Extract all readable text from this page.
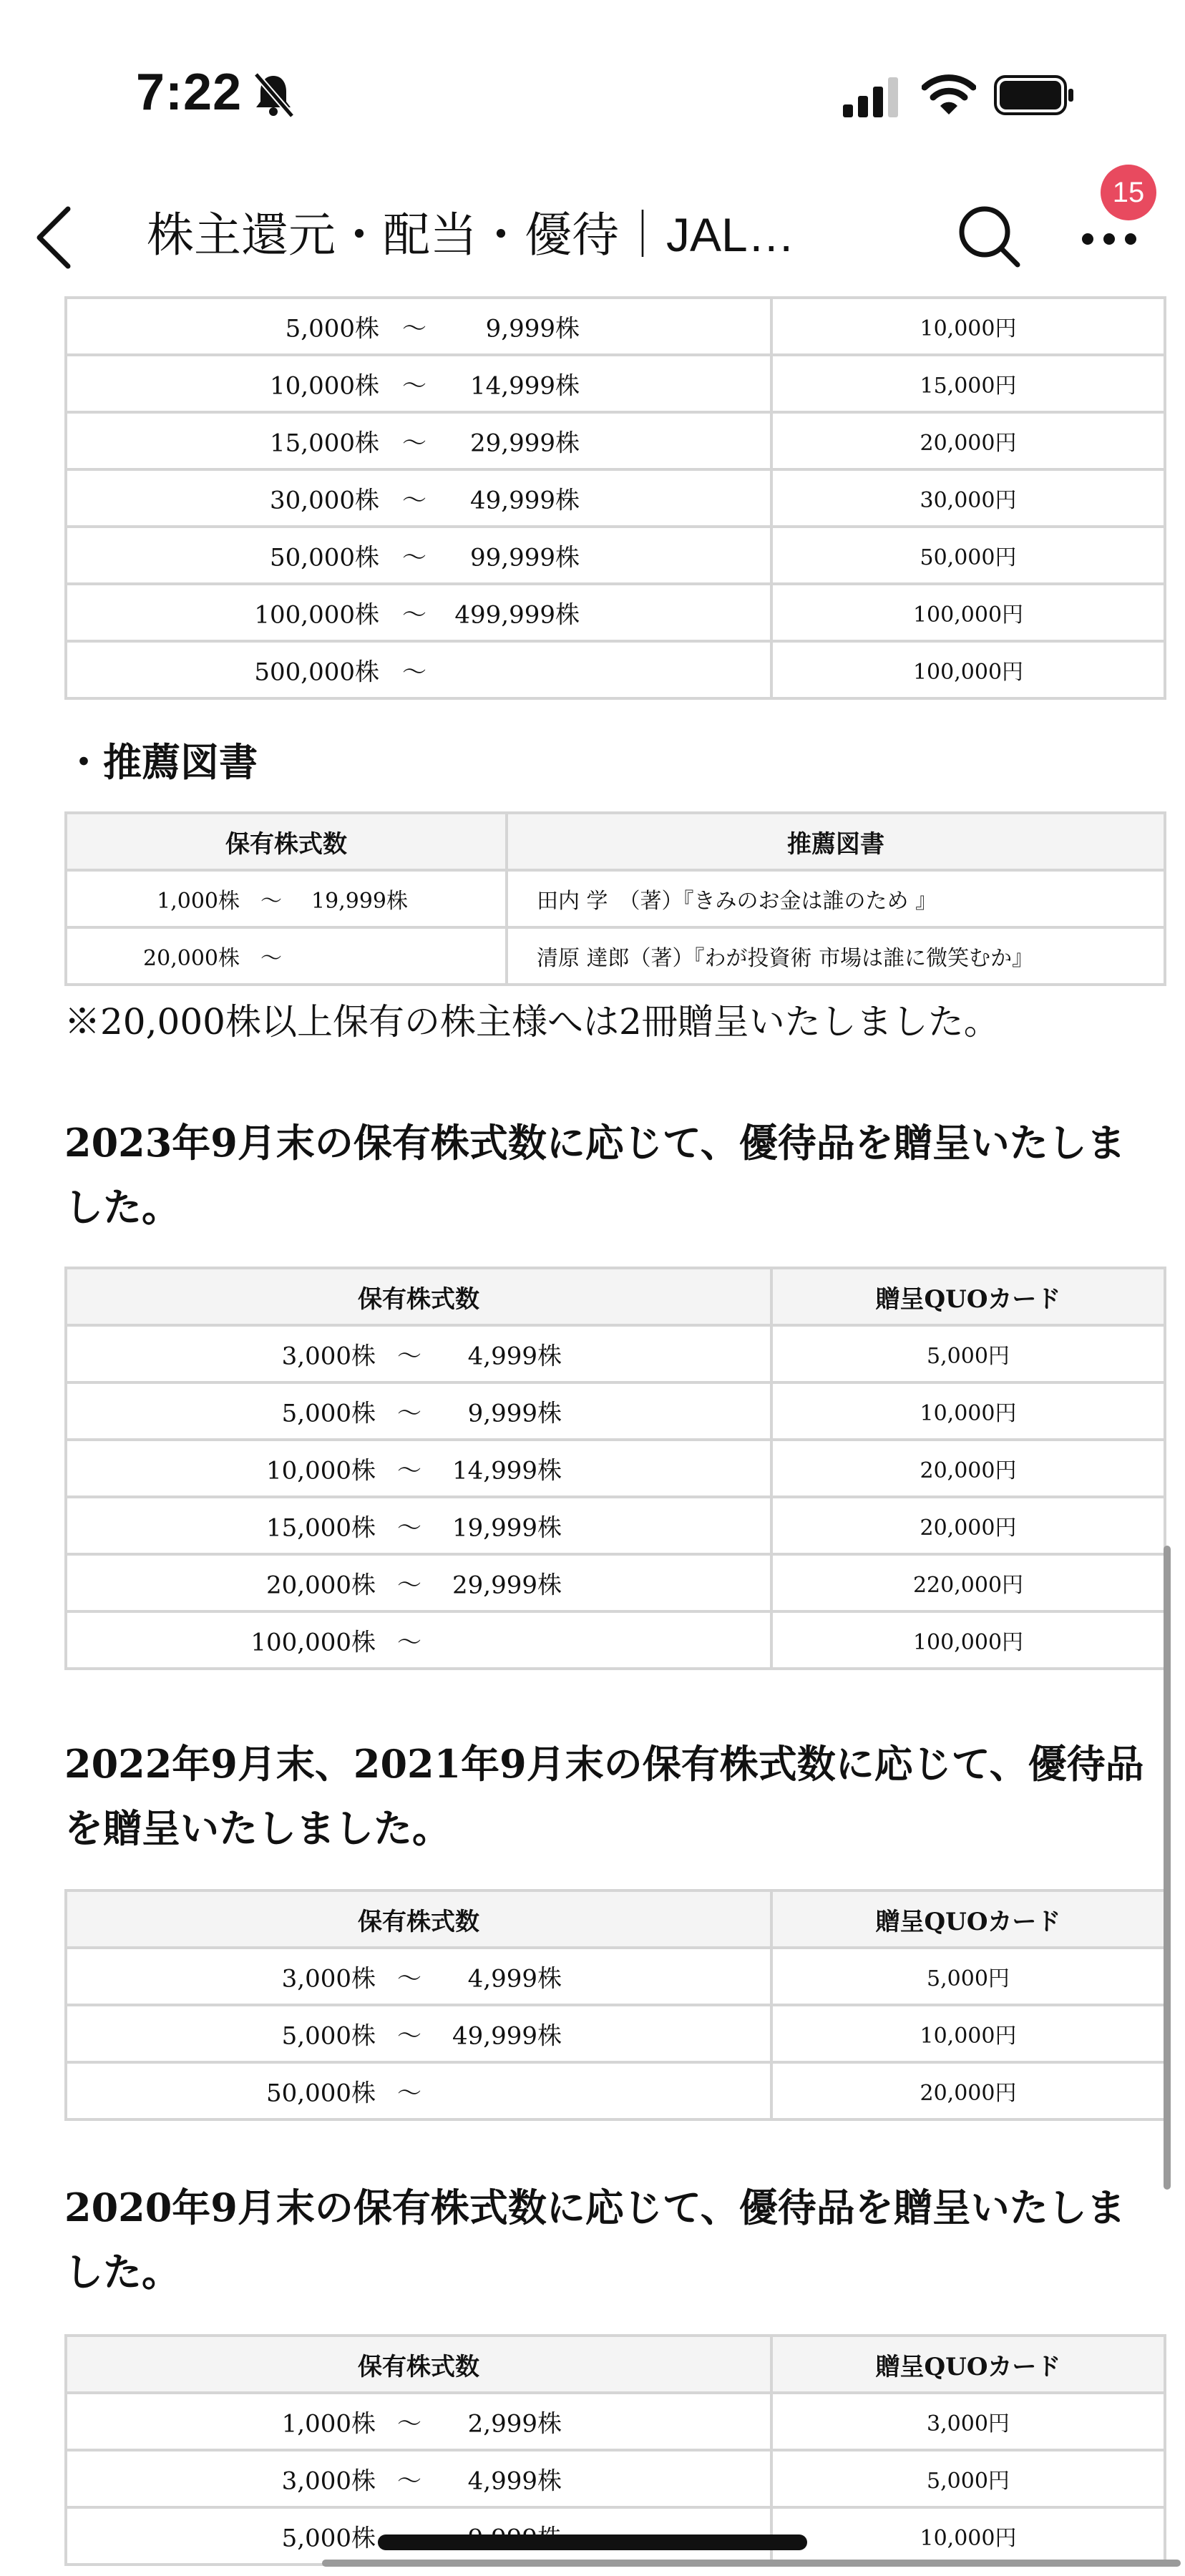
7:22
株主還元・配当・優待｜JAL…
15
5,000株 〜 9,999株	10,000円

10,000株 〜 14,999株	15,000円

15,000株 〜 29,999株	20,000円

30,000株 〜 49,999株	30,000円

50,000株 〜 99,999株	50,000円

100,000株 〜 499,999株	100,000円

500,000株 〜	100,000円
・推薦図書
保有株式数	推薦図書

1,000株 〜 19,999株	田内 学　（著）『きみのお金は誰のため 』

20,000株 〜	清原 達郎（著）『わが投資術 市場は誰に微笑むか』
※20,000株以上保有の株主様へは2冊贈呈いたしました。
2023年9月末の保有株式数に応じて、優待品を贈呈いたしました。
保有株式数	贈呈QUOカード

3,000株 〜 4,999株	5,000円

5,000株 〜 9,999株	10,000円

10,000株 〜 14,999株	20,000円

15,000株 〜 19,999株	20,000円

20,000株 〜 29,999株	220,000円

100,000株 〜	100,000円
2022年9月末、2021年9月末の保有株式数に応じて、優待品を贈呈いたしました。
保有株式数	贈呈QUOカード

3,000株 〜 4,999株	5,000円

5,000株 〜 49,999株	10,000円

50,000株 〜	20,000円
2020年9月末の保有株式数に応じて、優待品を贈呈いたしました。
保有株式数	贈呈QUOカード

1,000株 〜 2,999株	3,000円

3,000株 〜 4,999株	5,000円

5,000株	10,000円
